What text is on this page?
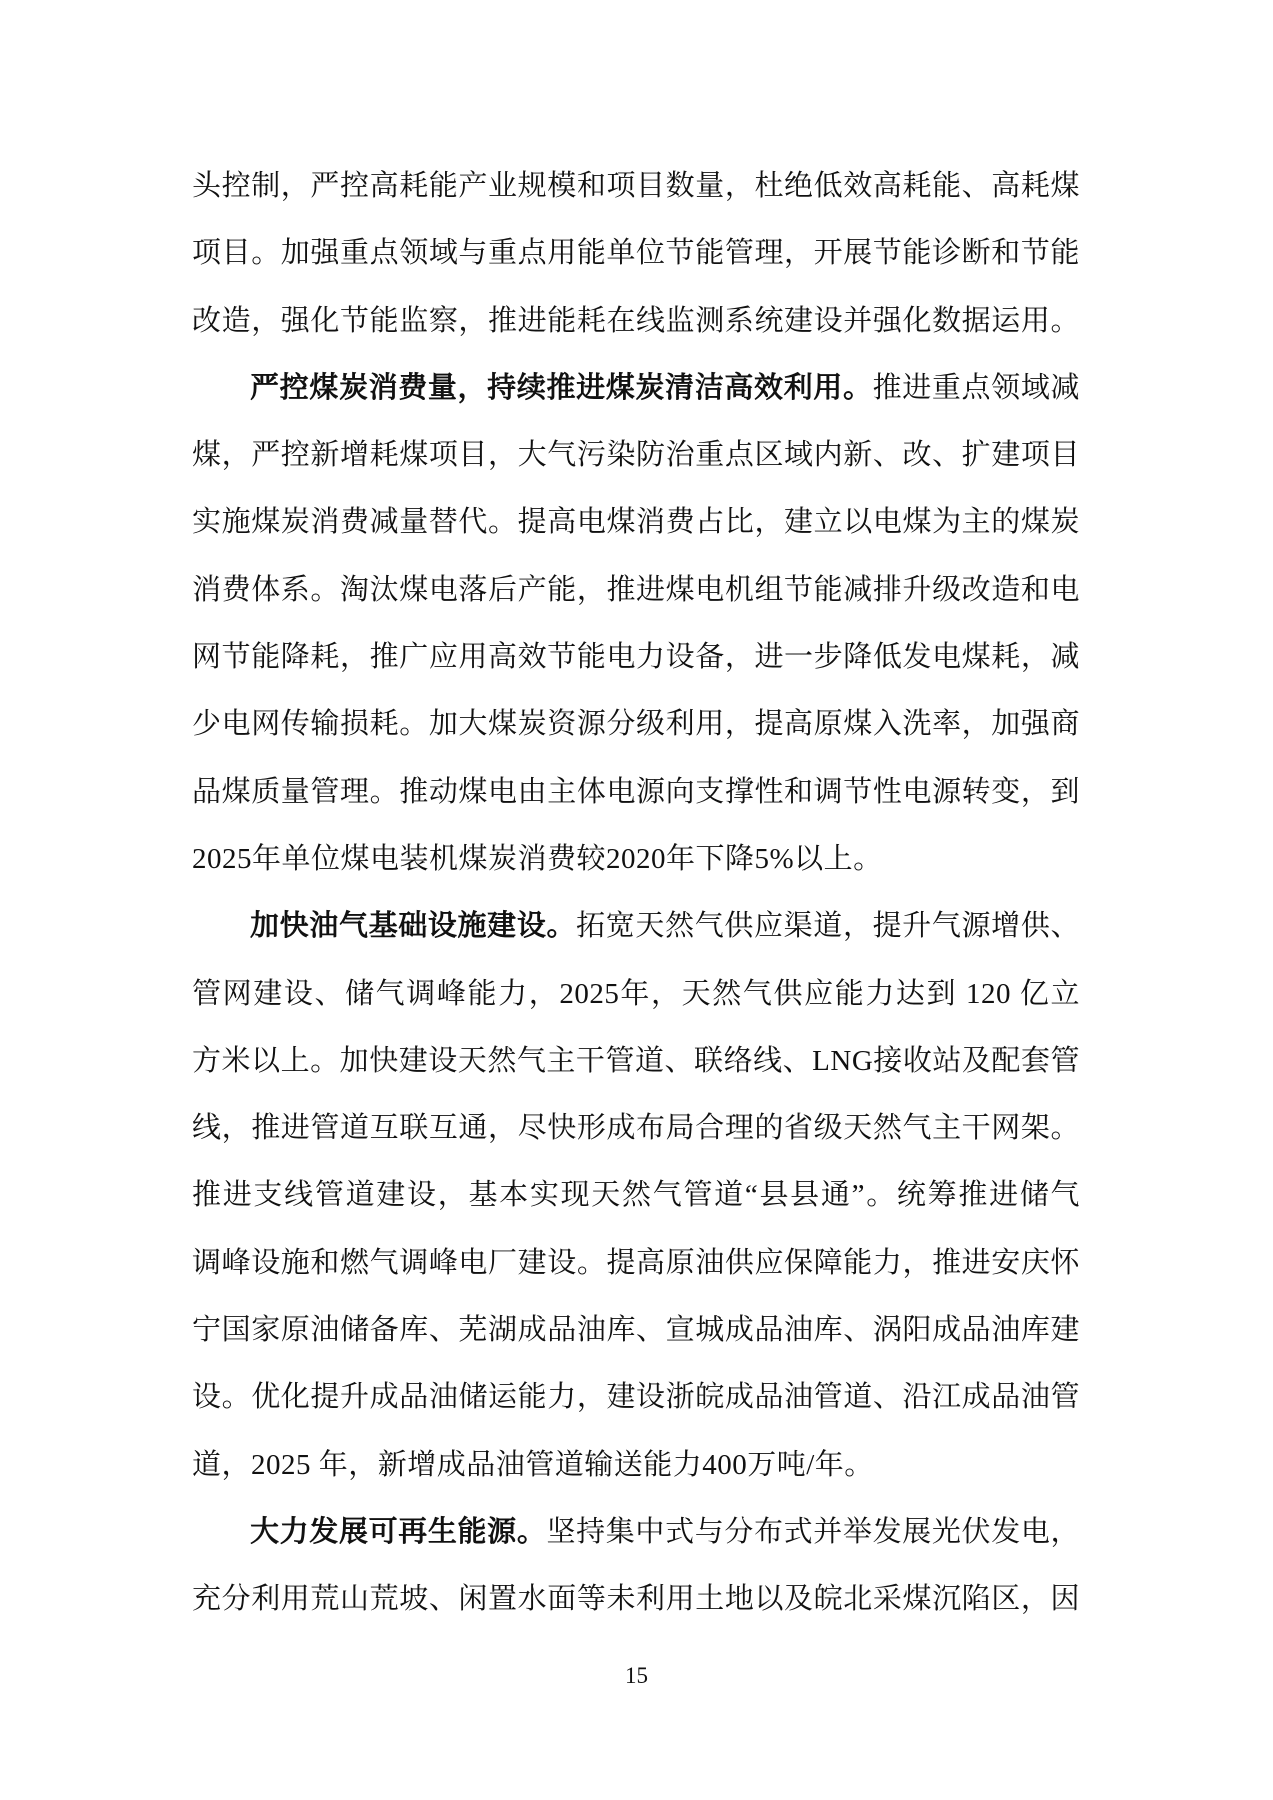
头控制，严控高耗能产业规模和项目数量，杜绝低效高耗能、高耗煤
项目。加强重点领域与重点用能单位节能管理，开展节能诊断和节能
改造，强化节能监察，推进能耗在线监测系统建设并强化数据运用。
严控煤炭消费量，持续推进煤炭清洁高效利用。推进重点领域减
煤，严控新增耗煤项目，大气污染防治重点区域内新、改、扩建项目
实施煤炭消费减量替代。提高电煤消费占比，建立以电煤为主的煤炭
消费体系。淘汰煤电落后产能，推进煤电机组节能减排升级改造和电
网节能降耗，推广应用高效节能电力设备，进一步降低发电煤耗，减
少电网传输损耗。加大煤炭资源分级利用，提高原煤入洗率，加强商
品煤质量管理。推动煤电由主体电源向支撑性和调节性电源转变，到
2025年单位煤电装机煤炭消费较2020年下降5%以上。
加快油气基础设施建设。拓宽天然气供应渠道，提升气源增供、
管网建设、储气调峰能力，2025年，天然气供应能力达到 120 亿立
方米以上。加快建设天然气主干管道、联络线、LNG接收站及配套管
线，推进管道互联互通，尽快形成布局合理的省级天然气主干网架。
推进支线管道建设，基本实现天然气管道“县县通”。统筹推进储气
调峰设施和燃气调峰电厂建设。提高原油供应保障能力，推进安庆怀
宁国家原油储备库、芜湖成品油库、宣城成品油库、涡阳成品油库建
设。优化提升成品油储运能力，建设浙皖成品油管道、沿江成品油管
道，2025 年，新增成品油管道输送能力400万吨/年。
大力发展可再生能源。坚持集中式与分布式并举发展光伏发电，
充分利用荒山荒坡、闲置水面等未利用土地以及皖北采煤沉陷区，因
15
